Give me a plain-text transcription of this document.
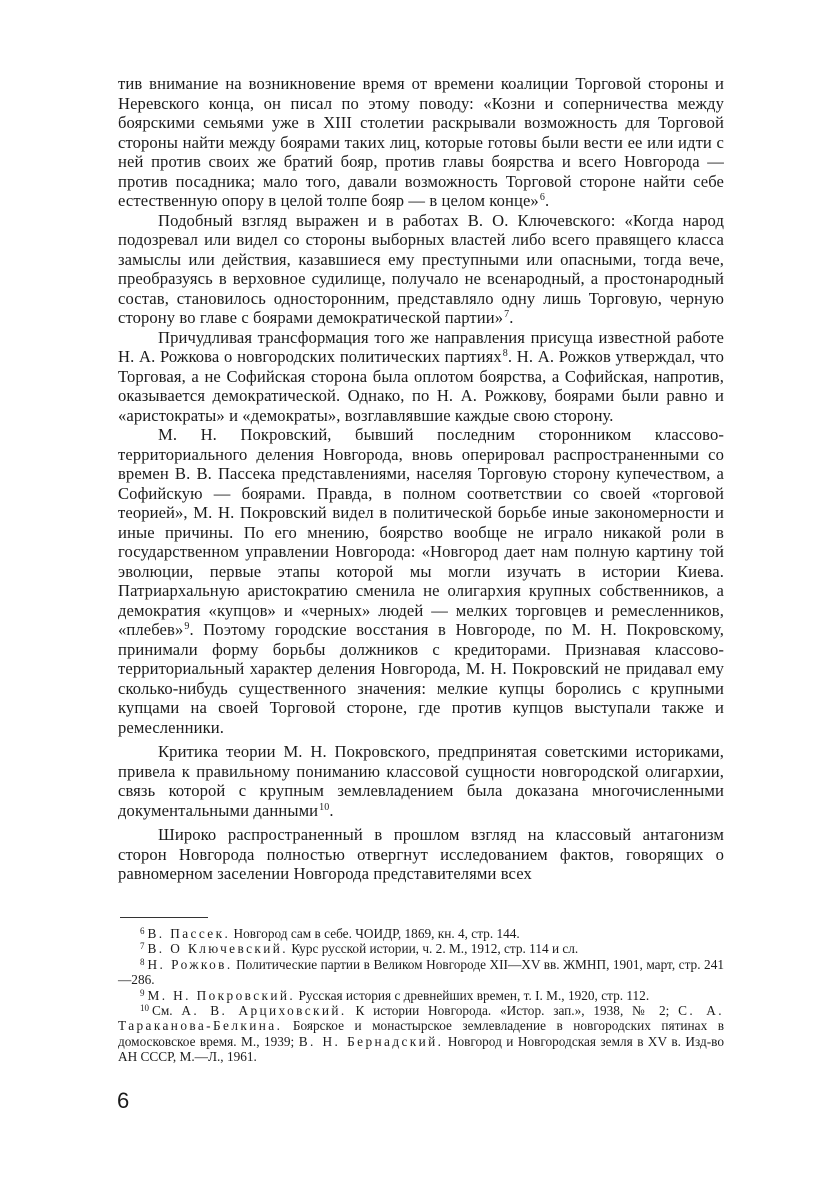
тив внимание на возникновение время от времени коалиции Торговой стороны и Неревского конца, он писал по этому поводу: «Козни и соперничества между боярскими семьями уже в XIII столетии раскрывали возможность для Торговой стороны найти между боярами таких лиц, которые готовы были вести ее или идти с ней против своих же братий бояр, против главы боярства и всего Новгорода — против посадника; мало того, давали возможность Торговой стороне найти себе естественную опору в целой толпе бояр — в целом конце»$^6$.

Подобный взгляд выражен и в работах В. О. Ключевского: «Когда народ подозревал или видел со стороны выборных властей либо всего правящего класса замыслы или действия, казавшиеся ему преступными или опасными, тогда вече, преобразуясь в верховное судилище, получало не всенародный, а простонародный состав, становилось односторонним, представляло одну лишь Торговую, черную сторону во главе с боярами демократической партии»$^7$.

Причудливая трансформация того же направления присуща известной работе Н. А. Рожкова о новгородских политических партиях$^8$. Н. А. Рожков утверждал, что Торговая, а не Софийская сторона была оплотом боярства, а Софийская, напротив, оказывается демократической. Однако, по Н. А. Рожкову, боярами были равно и «аристократы» и «демократы», возглавлявшие каждые свою сторону.

М. Н. Покровский, бывший последним сторонником классово-территориального деления Новгорода, вновь оперировал распространенными со времен В. В. Пассека представлениями, населяя Торговую сторону купечеством, а Софийскую — боярами. Правда, в полном соответствии со своей «торговой теорией», М. Н. Покровский видел в политической борьбе иные закономерности и иные причины. По его мнению, боярство вообще не играло никакой роли в государственном управлении Новгорода: «Новгород дает нам полную картину той эволюции, первые этапы которой мы могли изучать в истории Киева. Патриархальную аристократию сменила не олигархия крупных собственников, а демократия «купцов» и «черных» людей — мелких торговцев и ремесленников, «плебев»$^9$. Поэтому городские восстания в Новгороде, по М. Н. Покровскому, принимали форму борьбы должников с кредиторами. Признавая классово-территориальный характер деления Новгорода, М. Н. Покровский не придавал ему сколько-нибудь существенного значения: мелкие купцы боролись с крупными купцами на своей Торговой стороне, где против купцов выступали также и ремесленники.

Критика теории М. Н. Покровского, предпринятая советскими историками, привела к правильному пониманию классовой сущности новгородской олигархии, связь которой с крупным землевладением была доказана многочисленными документальными данными$^{10}$.

Широко распространенный в прошлом взгляд на классовый антагонизм сторон Новгорода полностью отвергнут исследованием фактов, говорящих о равномерном заселении Новгорода представителями всех

$^6$ В. Пассек. Новгород сам в себе. ЧОИДР, 1869, кн. 4, стр. 144.

$^7$ В. О Ключевский. Курс русской истории, ч. 2. М., 1912, стр. 114 и сл.

$^8$ Н. Рожков. Политические партии в Великом Новгороде XII—XV вв. ЖМНП, 1901, март, стр. 241—286.

$^9$ М. Н. Покровский. Русская история с древнейших времен, т. I. М., 1920, стр. 112.

$^{10}$ См. А. В. Арциховский. К истории Новгорода. «Истор. зап.», 1938, № 2; С. А. Тараканова-Белкина. Боярское и монастырское землевладение в новгородских пятинах в домосковское время. М., 1939; В. Н. Бернадский. Новгород и Новгородская земля в XV в. Изд-во АН СССР, М.—Л., 1961.

6
